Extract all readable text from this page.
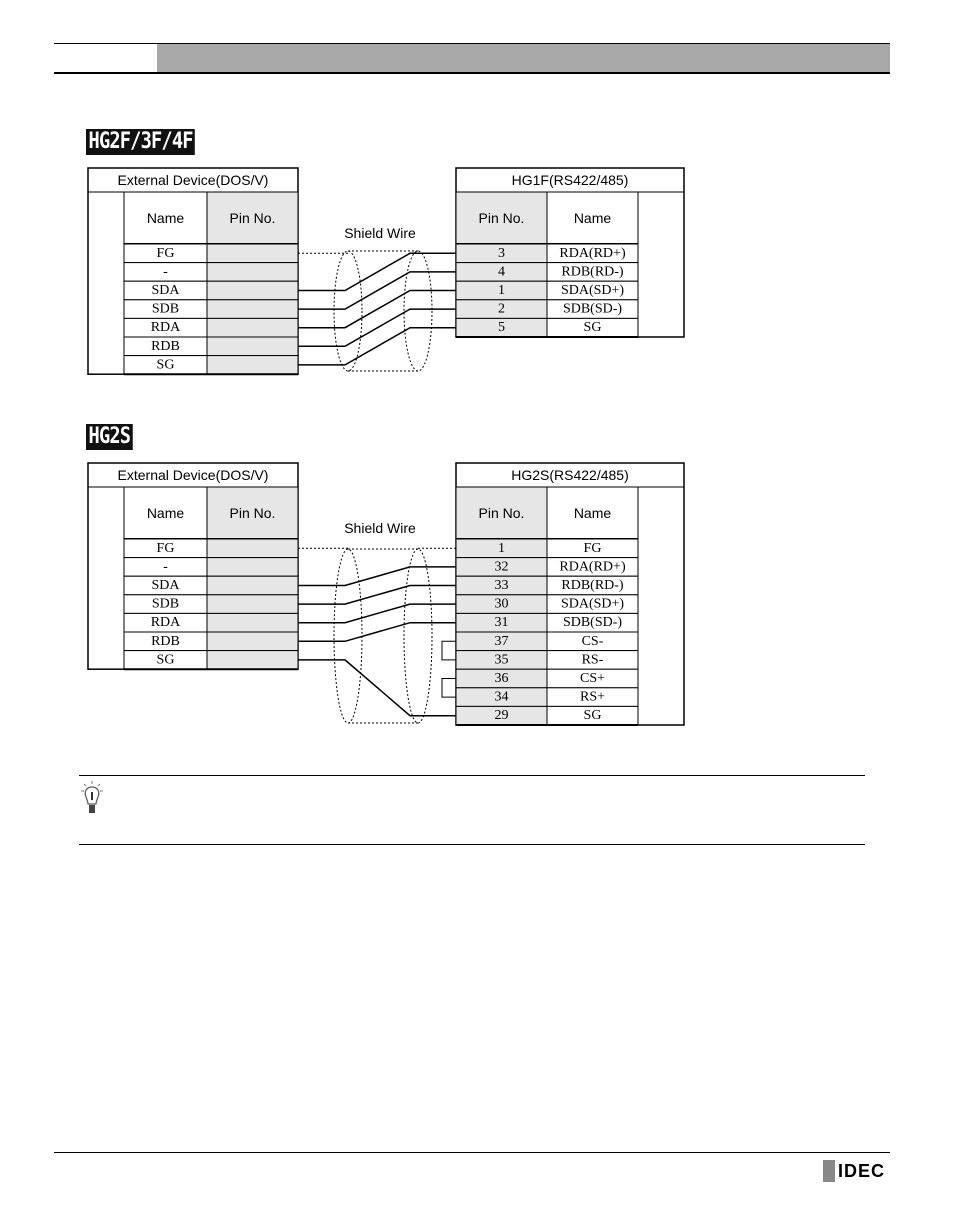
HG2F/3F/4F
HG2S
External Device(DOS/V)
Name	Pin No.
FG
-
SDA
SDB
RDA
RDB
SG
HG1F(RS422/485)
Pin No.	Name
3	RDA(RD+)
4	RDB(RD-)
1	SDA(SD+)
2	SDB(SD-)
5	SG
Shield Wire
External Device(DOS/V)
Name	Pin No.
FG
-
SDA
SDB
RDA
RDB
SG
HG2S(RS422/485)
Pin No.	Name
1	FG
32	RDA(RD+)
33	RDB(RD-)
30	SDA(SD+)
31	SDB(SD-)
37	CS-
35	RS-
36	CS+
34	RS+
29	SG
Shield Wire
IDEC
